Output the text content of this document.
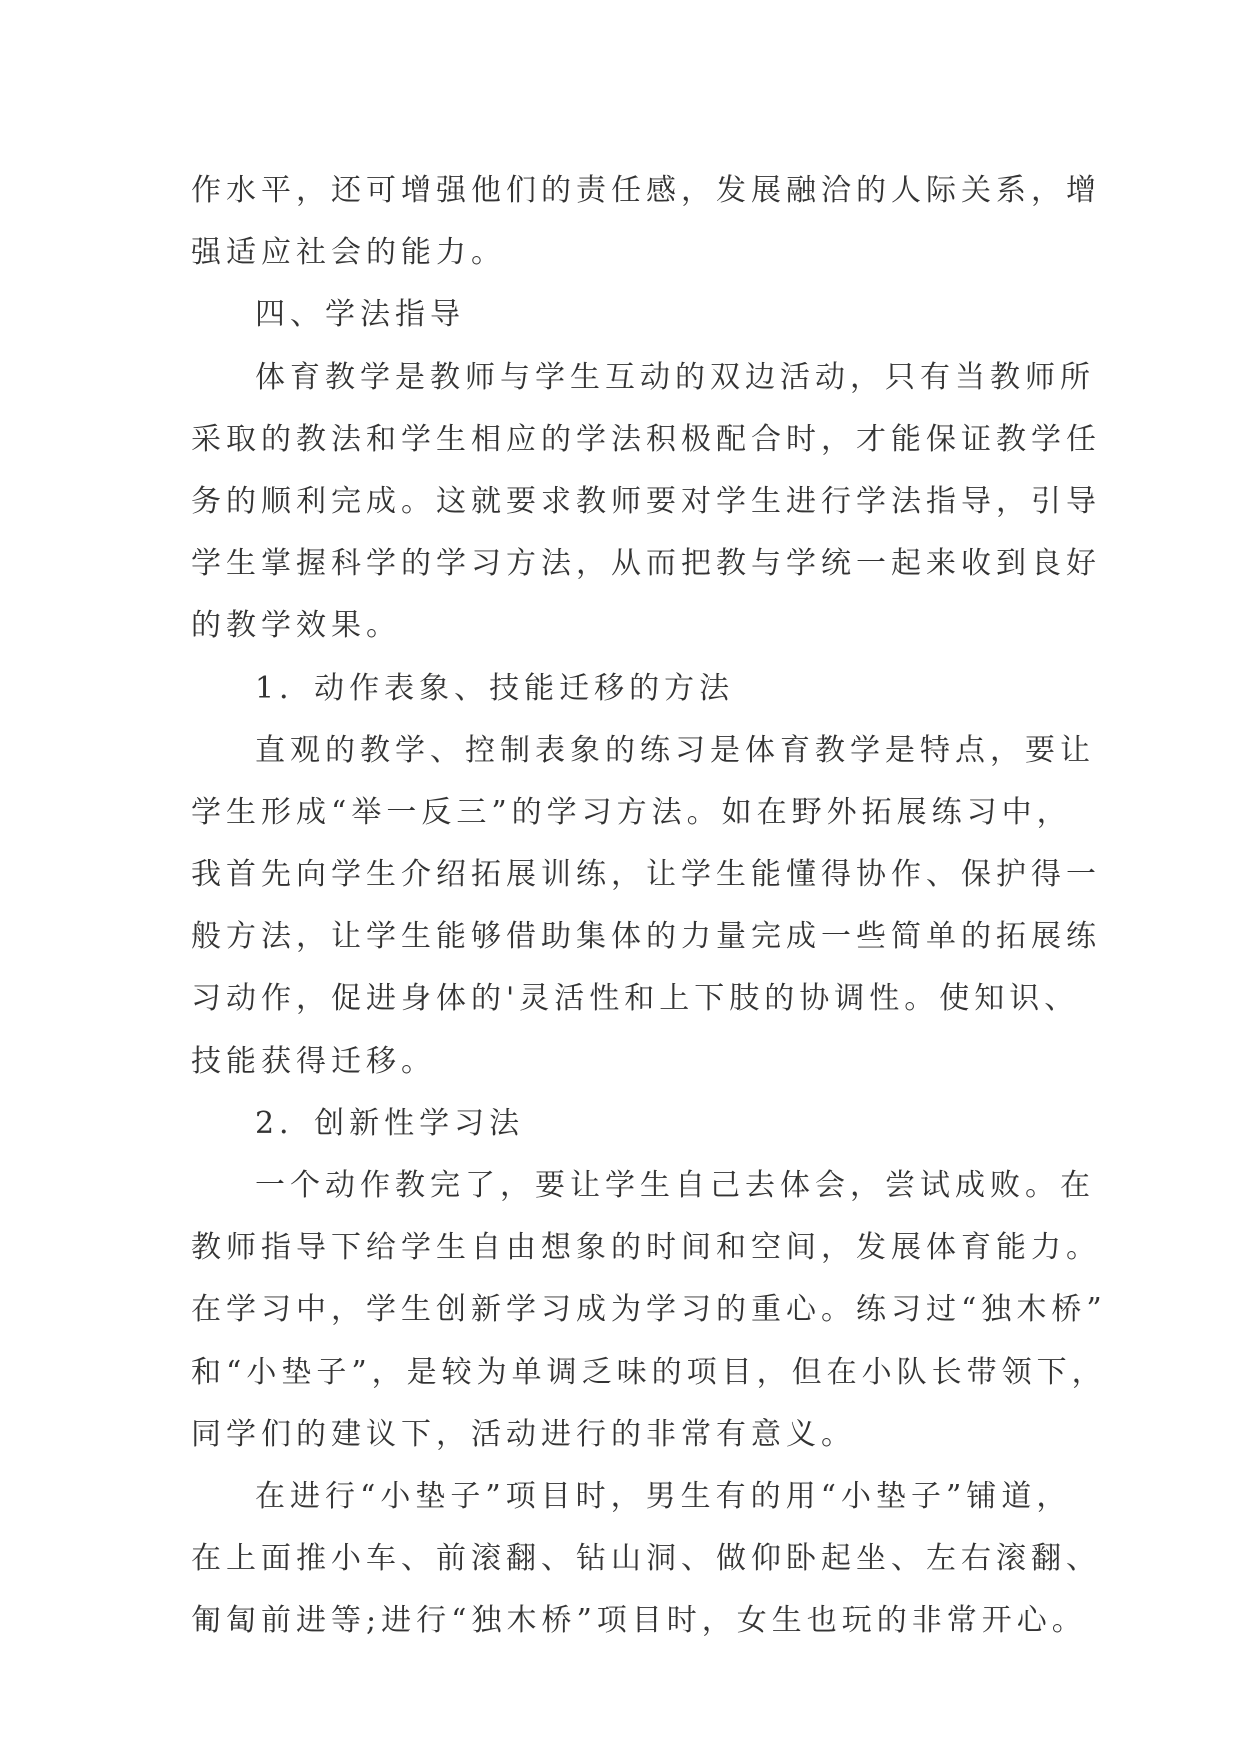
作水平，还可增强他们的责任感，发展融洽的人际关系，增
强适应社会的能力。
四、学法指导
体育教学是教师与学生互动的双边活动，只有当教师所
采取的教法和学生相应的学法积极配合时，才能保证教学任
务的顺利完成。这就要求教师要对学生进行学法指导，引导
学生掌握科学的学习方法，从而把教与学统一起来收到良好
的教学效果。
1．动作表象、技能迁移的方法
直观的教学、控制表象的练习是体育教学是特点，要让
学生形成“举一反三”的学习方法。如在野外拓展练习中，
我首先向学生介绍拓展训练，让学生能懂得协作、保护得一
般方法，让学生能够借助集体的力量完成一些简单的拓展练
习动作，促进身体的'灵活性和上下肢的协调性。使知识、
技能获得迁移。
2．创新性学习法
一个动作教完了，要让学生自己去体会，尝试成败。在
教师指导下给学生自由想象的时间和空间，发展体育能力。
在学习中，学生创新学习成为学习的重心。练习过“独木桥”
和“小垫子”，是较为单调乏味的项目，但在小队长带领下，
同学们的建议下，活动进行的非常有意义。
在进行“小垫子”项目时，男生有的用“小垫子”铺道，
在上面推小车、前滚翻、钻山洞、做仰卧起坐、左右滚翻、
匍匐前进等;进行“独木桥”项目时，女生也玩的非常开心。
